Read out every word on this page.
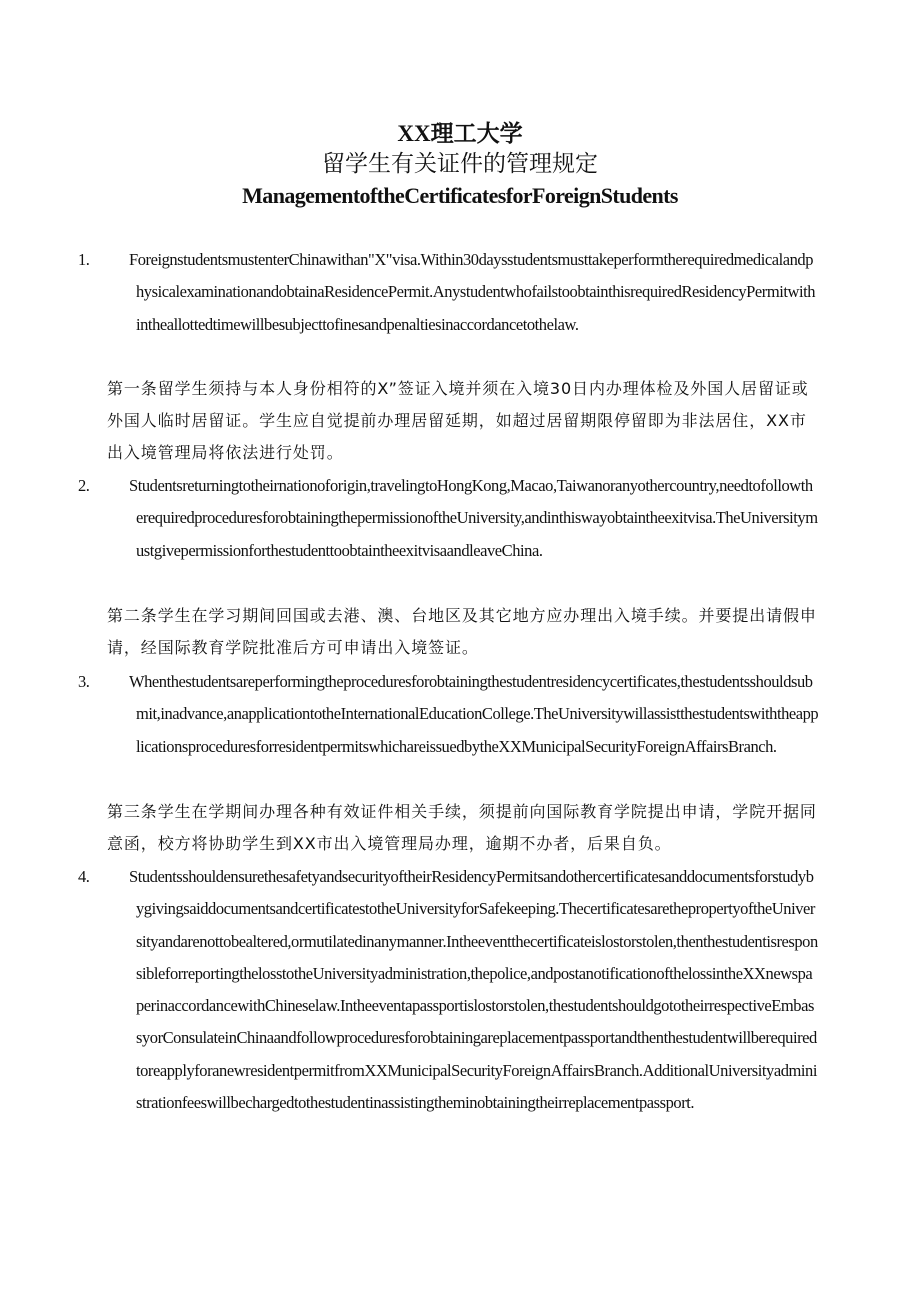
XX理工大学
留学生有关证件的管理规定
ManagementoftheCertificatesforForeignStudents
1. ForeignstudentsmustenterChinawithan"X"visa.Within30daysstudentsmusttakeperformtherequiredmedicalandphysicalexaminationandobtainaResidencePermit.AnystudentwhofailstoobtainthisrequiredResidencyPermitwithintheallottedtimewillbesubjecttofinesandpenaltiesinaccordancetothelaw.
第一条留学生须持与本人身份相符的X”签证入境并须在入境30日内办理体检及外国人居留证或外国人临时居留证。学生应自觉提前办理居留延期，如超过居留期限停留即为非法居住，XX市出入境管理局将依法进行处罚。
2. Studentsreturningtotheirnationoforigin,travelingtoHongKong,Macao,Taiwanoranyothercountry,needtofollowtherequiredproceduresforobtainingthepermissionoftheUniversity,andinthiswayobtaintheexitvisa.TheUniversitymustgivepermissionforthestudenttoobtaintheexitvisaandleaveChina.
第二条学生在学习期间回国或去港、澳、台地区及其它地方应办理出入境手续。并要提出请假申请，经国际教育学院批准后方可申请出入境签证。
3. Whenthestudentsareperformingtheproceduresforobtainingthestudentresidencycertificates,thestudentsshouldsubmit,inadvance,anapplicationtotheInternationalEducationCollege.TheUniversitywillassistthestudentswiththeapplicationsproceduresforresidentpermitswhichareissuedbytheXXMunicipalSecurityForeignAffairsBranch.
第三条学生在学期间办理各种有效证件相关手续，须提前向国际教育学院提出申请，学院开据同意函，校方将协助学生到XX市出入境管理局办理，逾期不办者，后果自负。
4. StudentsshouldensurethesafetyandsecurityoftheirResidencyPermitsandothercertificatesanddocumentsforstudybygivingsaiddocumentsandcertificatestotheUniversityforSafekeeping.ThecertificatesarethepropertyoftheUniversityandarenottobealtered,ormutilatedinanymanner.Intheeventthecertificateislostorstolen,thenthestudentisresponsibleforreportingthelosstotheUniversityadministration,thepolice,andpostanotificationofthelossintheXXnewspaperinaccordancewithChineselaw.Intheeventapassportislostorstolen,thestudentshouldgototheirrespectiveEmbassyorConsulateinChinaandfollowproceduresforobtainingareplacementpassportandthenthestudentwillberequiredtoreapplyforanewresidentpermitfromXXMunicipalSecurityForeignAffairsBranch.AdditionalUniversityadministrationfeeswillbechargedtothestudentinassistingtheminobtainingtheirreplacementpassport.
